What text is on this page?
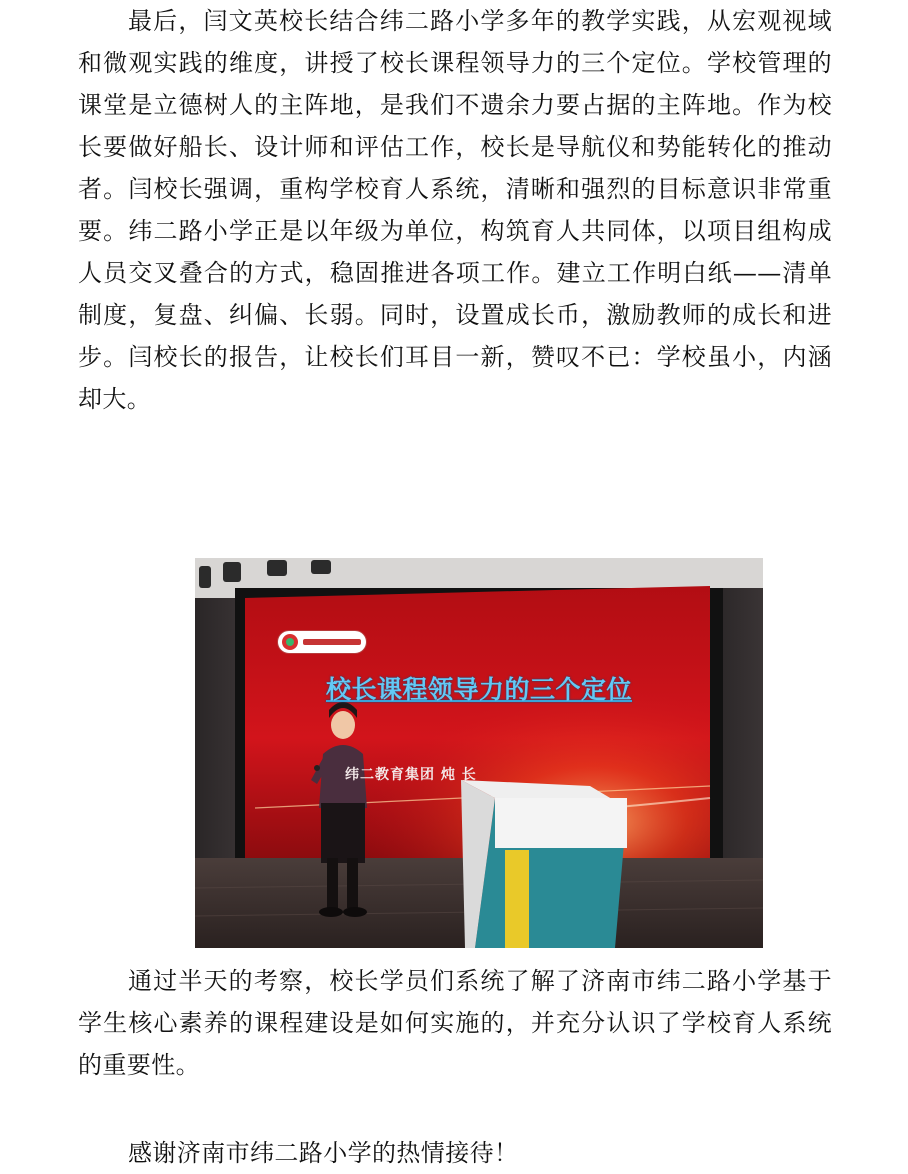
最后，闫文英校长结合纬二路小学多年的教学实践，从宏观视域和微观实践的维度，讲授了校长课程领导力的三个定位。学校管理的课堂是立德树人的主阵地，是我们不遗余力要占据的主阵地。作为校长要做好船长、设计师和评估工作，校长是导航仪和势能转化的推动者。闫校长强调，重构学校育人系统，清晰和强烈的目标意识非常重要。纬二路小学正是以年级为单位，构筑育人共同体，以项目组构成人员交叉叠合的方式，稳固推进各项工作。建立工作明白纸——清单制度，复盘、纠偏、长弱。同时，设置成长币，激励教师的成长和进步。闫校长的报告，让校长们耳目一新，赞叹不已：学校虽小，内涵却大。

校长课程领导力的三个定位
纬二教育集团 炖 长

通过半天的考察，校长学员们系统了解了济南市纬二路小学基于学生核心素养的课程建设是如何实施的，并充分认识了学校育人系统的重要性。

感谢济南市纬二路小学的热情接待！
